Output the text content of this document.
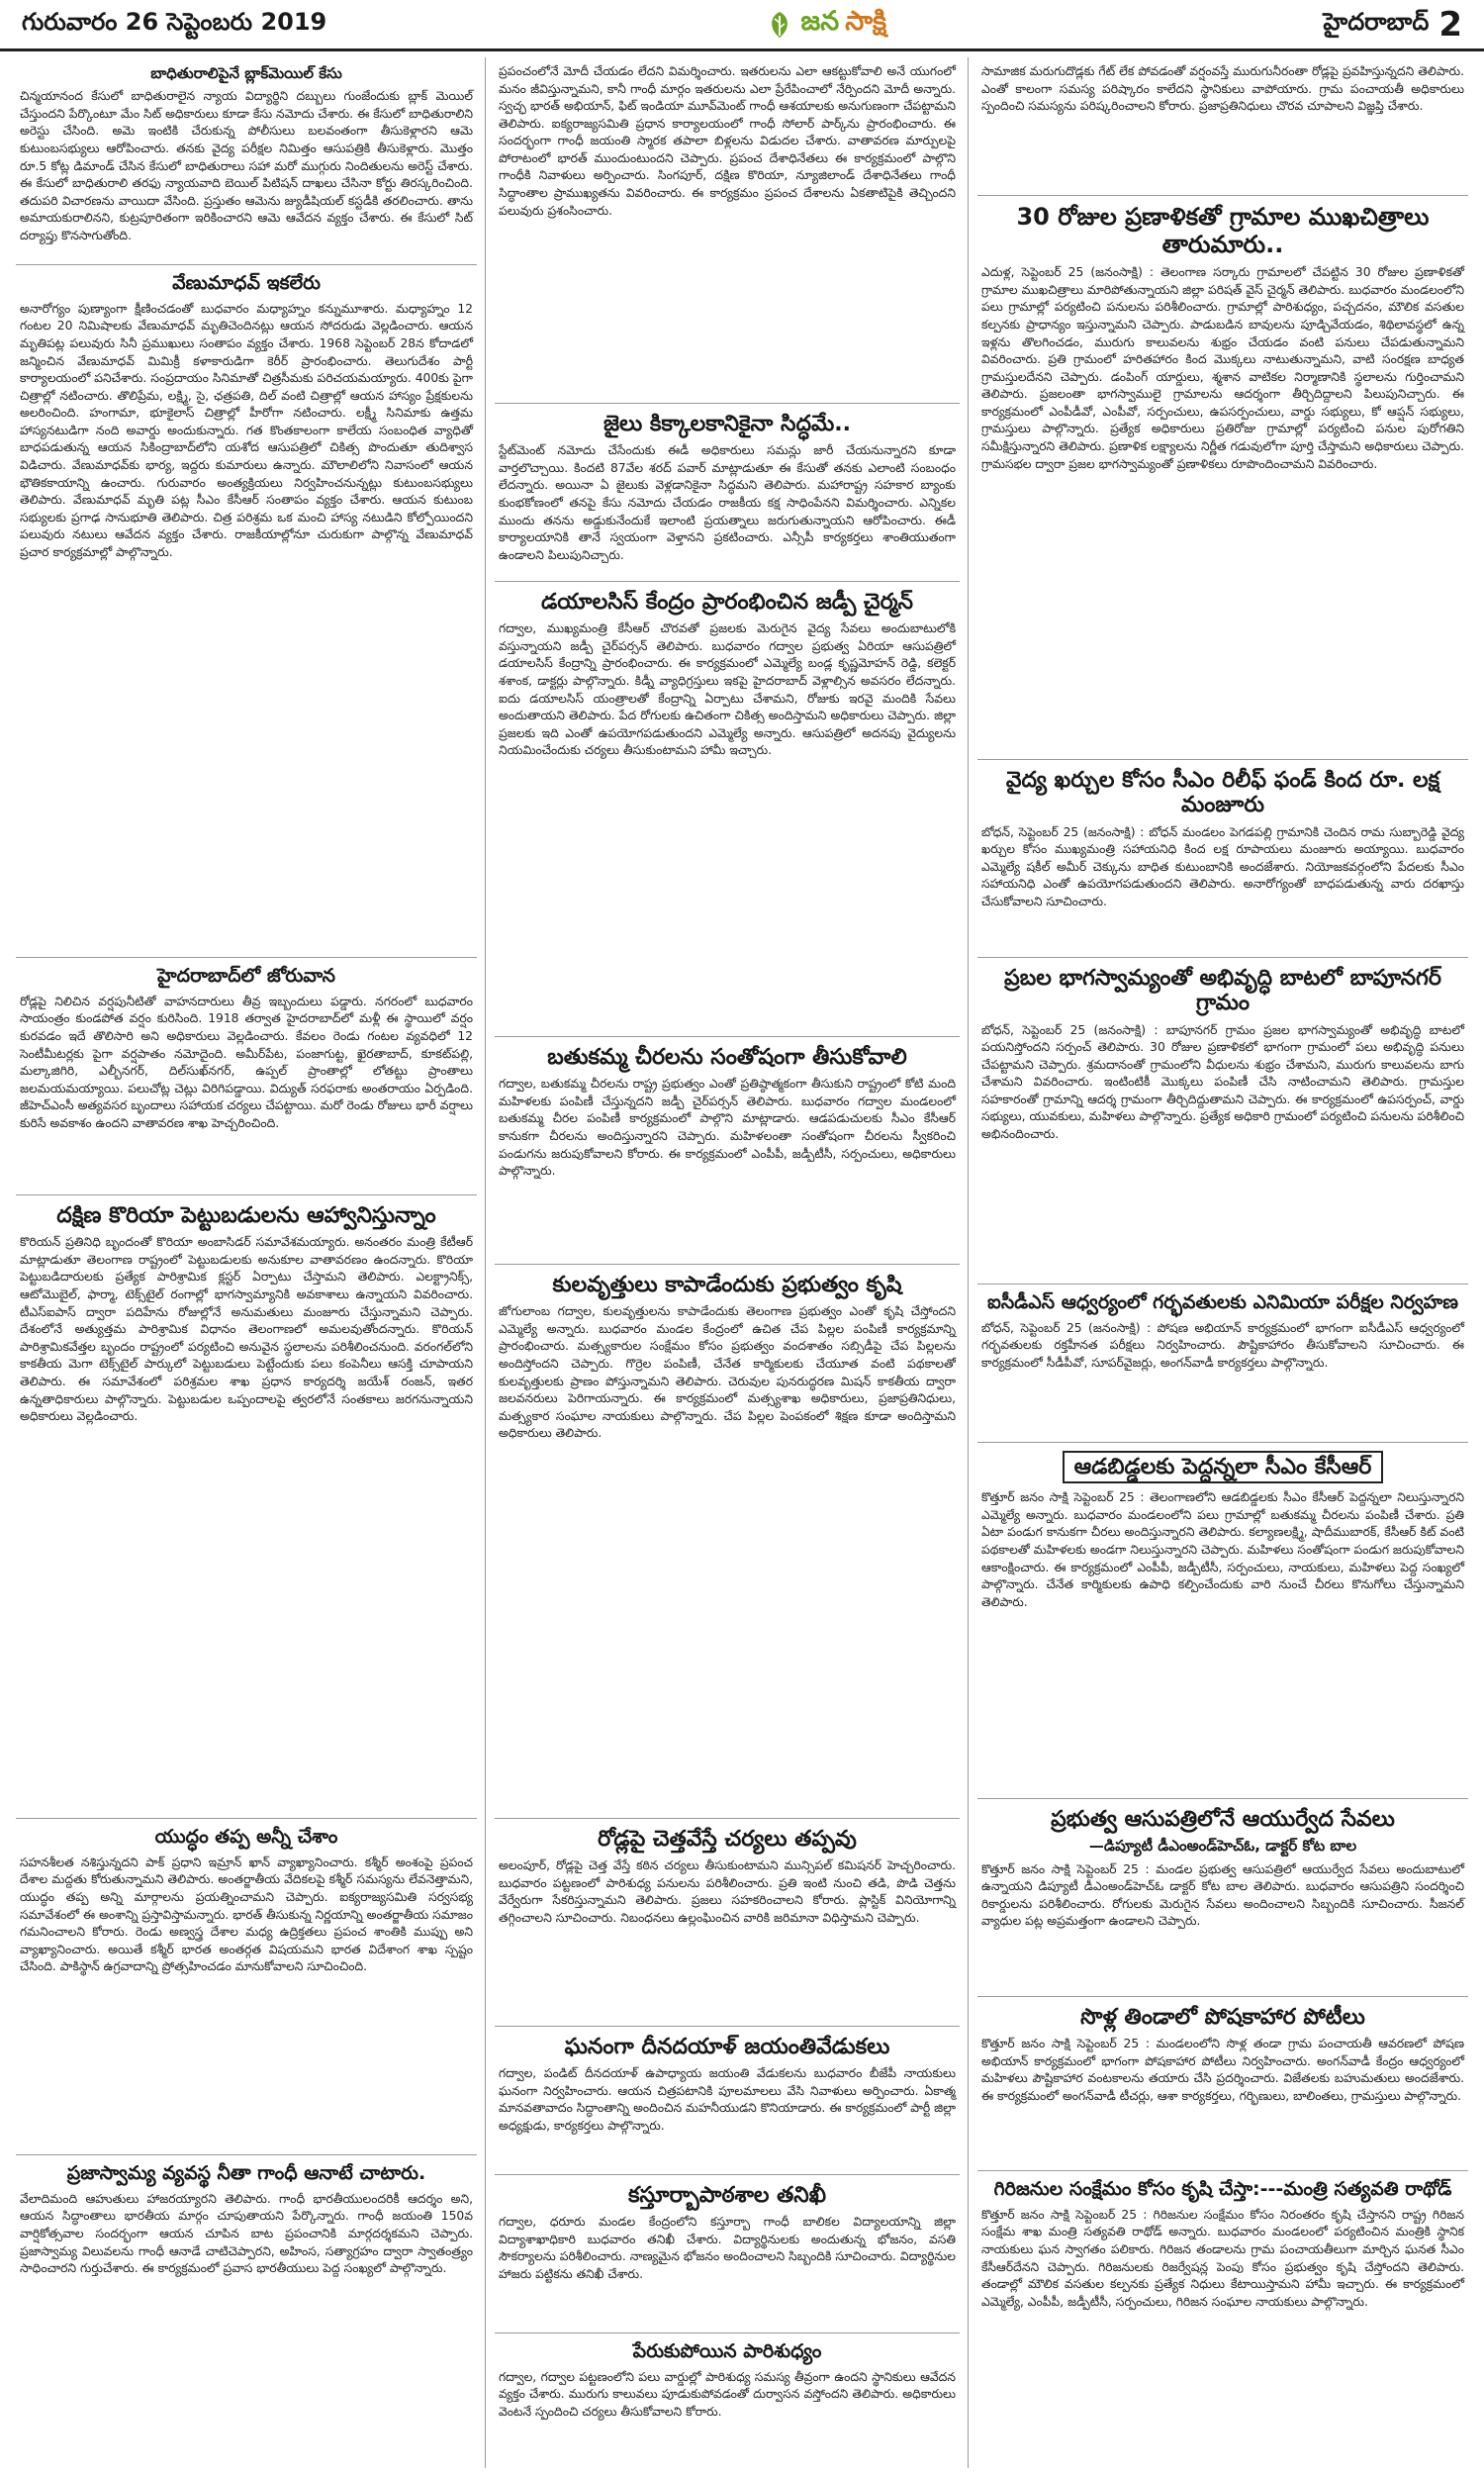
గురువారం 26 సెప్టెంబరు 2019	జన సాక్షి	హైదరాబాద్ 2
బాధితురాలిపైనే బ్లాక్‌మెయిల్ కేసు
చిన్మయానంద కేసులో బాధితురాలైన న్యాయ విద్యార్థిని దబ్బులు గుంజేందుకు బ్లాక్ మెయిల్ చేస్తుందని పేర్కొంటూ మేం సిట్ అధికారులు కూడా కేసు నమోదు చేశారు. ఈ కేసులో బాధితురాలిని అరెస్టు చేసింది. అమె ఇంటికి చేరుకున్న పోలీసులు బలవంతంగా తీసుకెళ్లారని ఆమె కుటుంబసభ్యులు ఆరోపించారు. తనకు వైద్య పరీక్షల నిమిత్తం ఆసుపత్రికి తీసుకెళ్లారు. మొత్తం రూ.5 కోట్ల డిమాండ్ చేసిన కేసులో బాధితురాలు సహా మరో ముగ్గురు నిందితులను అరెస్ట్ చేశారు. ఈ కేసులో బాధితురాలి తరఫు న్యాయవాది బెయిల్ పిటిషన్ దాఖలు చేసినా కోర్టు తిరస్కరించింది. తదుపరి విచారణను వాయిదా వేసింది. ప్రస్తుతం ఆమెను జ్యుడీషియల్ కస్టడీకి తరలించారు. తాను అమాయకురాలినని, కుట్రపూరితంగా ఇరికించారని ఆమె ఆవేదన వ్యక్తం చేశారు. ఈ కేసులో సిట్ దర్యాప్తు కొనసాగుతోంది.
వేణుమాధవ్ ఇకలేరు
అనారోగ్యం పుణ్యాంగా క్షీణించడంతో బుధవారం మధ్యాహ్నం కన్నుమూశారు. మధ్యాహ్నం 12 గంటల 20 నిమిషాలకు వేణుమాధవ్ మృతిచెందినట్లు ఆయన సోదరుడు వెల్లడించారు. ఆయన మృతిపట్ల పలువురు సినీ ప్రముఖులు సంతాపం వ్యక్తం చేశారు. 1968 సెప్టెంబర్ 28న కోదాడలో జన్మించిన వేణుమాధవ్ మిమిక్రీ కళాకారుడిగా కెరీర్ ప్రారంభించారు. తెలుగుదేశం పార్టీ కార్యాలయంలో పనిచేశారు. సంప్రదాయం సినిమాతో చిత్రసీమకు పరిచయమయ్యారు. 400కు పైగా చిత్రాల్లో నటించారు. తొలిప్రేమ, లక్ష్మి, సై, ఛత్రపతి, దిల్ వంటి చిత్రాల్లో ఆయన హాస్యం ప్రేక్షకులను అలరించింది. హంగామా, భూకైలాస్ చిత్రాల్లో హీరోగా నటించారు. లక్ష్మీ సినిమాకు ఉత్తమ హాస్యనటుడిగా నంది అవార్డు అందుకున్నారు. గత కొంతకాలంగా కాలేయ సంబంధిత వ్యాధితో బాధపడుతున్న ఆయన సికింద్రాబాద్‌లోని యశోద ఆసుపత్రిలో చికిత్స పొందుతూ తుదిశ్వాస విడిచారు. వేణుమాధవ్‌కు భార్య, ఇద్దరు కుమారులు ఉన్నారు. మౌలాలిలోని నివాసంలో ఆయన భౌతికకాయాన్ని ఉంచారు. గురువారం అంత్యక్రియలు నిర్వహించనున్నట్లు కుటుంబసభ్యులు తెలిపారు. వేణుమాధవ్ మృతి పట్ల సీఎం కేసీఆర్ సంతాపం వ్యక్తం చేశారు. ఆయన కుటుంబ సభ్యులకు ప్రగాఢ సానుభూతి తెలిపారు. చిత్ర పరిశ్రమ ఒక మంచి హాస్య నటుడిని కోల్పోయిందని పలువురు నటులు ఆవేదన వ్యక్తం చేశారు. రాజకీయాల్లోనూ చురుకుగా పాల్గొన్న వేణుమాధవ్ ప్రచార కార్యక్రమాల్లో పాల్గొన్నారు.
హైదరాబాద్‌లో జోరువాన
రోడ్లపై నిలిచిన వర్షపునీటితో వాహనదారులు తీవ్ర ఇబ్బందులు పడ్డారు. నగరంలో బుధవారం సాయంత్రం కుండపోత వర్షం కురిసింది. 1918 తర్వాత హైదరాబాద్‌లో మళ్లీ ఈ స్థాయిలో వర్షం కురవడం ఇదే తొలిసారి అని అధికారులు వెల్లడించారు. కేవలం రెండు గంటల వ్యవధిలో 12 సెంటీమీటర్లకు పైగా వర్షపాతం నమోదైంది. అమీర్‌పేట, పంజాగుట్ట, ఖైరతాబాద్, కూకట్‌పల్లి, మల్కాజిగిరి, ఎల్బీనగర్, దిల్‌సుఖ్‌నగర్, ఉప్పల్ ప్రాంతాల్లో లోతట్టు ప్రాంతాలు జలమయమయ్యాయి. పలుచోట్ల చెట్లు విరిగిపడ్డాయి. విద్యుత్ సరఫరాకు అంతరాయం ఏర్పడింది. జీహెచ్‌ఎంసీ అత్యవసర బృందాలు సహాయక చర్యలు చేపట్టాయి. మరో రెండు రోజులు భారీ వర్షాలు కురిసే అవకాశం ఉందని వాతావరణ శాఖ హెచ్చరించింది.
దక్షిణ కొరియా పెట్టుబడులను ఆహ్వానిస్తున్నాం
కొరియన్ ప్రతినిధి బృందంతో కొరియా అంబాసిడర్ సమావేశమయ్యారు. అనంతరం మంత్రి కేటీఆర్ మాట్లాడుతూ తెలంగాణ రాష్ట్రంలో పెట్టుబడులకు అనుకూల వాతావరణం ఉందన్నారు. కొరియా పెట్టుబడిదారులకు ప్రత్యేక పారిశ్రామిక క్లస్టర్ ఏర్పాటు చేస్తామని తెలిపారు. ఎలక్ట్రానిక్స్, ఆటోమొబైల్, ఫార్మా, టెక్స్‌టైల్ రంగాల్లో భాగస్వామ్యానికి అవకాశాలు ఉన్నాయని వివరించారు. టీఎస్‌ఐపాస్ ద్వారా పదిహేను రోజుల్లోనే అనుమతులు మంజూరు చేస్తున్నామని చెప్పారు. దేశంలోనే అత్యుత్తమ పారిశ్రామిక విధానం తెలంగాణలో అమలవుతోందన్నారు. కొరియన్ పారిశ్రామికవేత్తల బృందం రాష్ట్రంలో పర్యటించి అనువైన స్థలాలను పరిశీలించనుంది. వరంగల్‌లోని కాకతీయ మెగా టెక్స్‌టైల్ పార్కులో పెట్టుబడులు పెట్టేందుకు పలు కంపెనీలు ఆసక్తి చూపాయని తెలిపారు. ఈ సమావేశంలో పరిశ్రమల శాఖ ప్రధాన కార్యదర్శి జయేశ్ రంజన్, ఇతర ఉన్నతాధికారులు పాల్గొన్నారు. పెట్టుబడుల ఒప్పందాలపై త్వరలోనే సంతకాలు జరగనున్నాయని అధికారులు వెల్లడించారు.
యుద్ధం తప్ప అన్నీ చేశాం
సహనశీలత నశిస్తున్నదని పాక్ ప్రధాని ఇమ్రాన్ ఖాన్ వ్యాఖ్యానించారు. కశ్మీర్ అంశంపై ప్రపంచ దేశాల మద్దతు కోరుతున్నామని తెలిపారు. అంతర్జాతీయ వేదికలపై కశ్మీర్ సమస్యను లేవనెత్తామని, యుద్ధం తప్ప అన్ని మార్గాలను ప్రయత్నించామని చెప్పారు. ఐక్యరాజ్యసమితి సర్వసభ్య సమావేశంలో ఈ అంశాన్ని ప్రస్తావిస్తామన్నారు. భారత్ తీసుకున్న నిర్ణయాన్ని అంతర్జాతీయ సమాజం గమనించాలని కోరారు. రెండు అణ్వస్త్ర దేశాల మధ్య ఉద్రిక్తతలు ప్రపంచ శాంతికి ముప్పు అని వ్యాఖ్యానించారు. అయితే కశ్మీర్ భారత అంతర్గత విషయమని భారత విదేశాంగ శాఖ స్పష్టం చేసింది. పాకిస్థాన్ ఉగ్రవాదాన్ని ప్రోత్సహించడం మానుకోవాలని సూచించింది.
ప్రజాస్వామ్య వ్యవస్థ నీతా గాంధీ ఆనాటే చాటారు.
వేలాదిమంది ఆహుతులు హాజరయ్యారని తెలిపారు. గాంధీ భారతీయులందరికీ ఆదర్శం అని, ఆయన సిద్ధాంతాలు భారతీయ మార్గం చూపుతాయని పేర్కొన్నారు. గాంధీ జయంతి 150వ వార్షికోత్సవాల సందర్భంగా ఆయన చూపిన బాట ప్రపంచానికి మార్గదర్శకమని చెప్పారు. ప్రజాస్వామ్య విలువలను గాంధీ ఆనాడే చాటిచెప్పారని, అహింస, సత్యాగ్రహం ద్వారా స్వాతంత్ర్యం సాధించారని గుర్తుచేశారు. ఈ కార్యక్రమంలో ప్రవాస భారతీయులు పెద్ద సంఖ్యలో పాల్గొన్నారు.
ప్రపంచంలోనే మోదీ చేయడం లేదని విమర్శించారు. ఇతరులను ఎలా ఆకట్టుకోవాలి అనే యుగంలో మనం జీవిస్తున్నామని, కానీ గాంధీ మార్గం ఇతరులను ఎలా ప్రేరేపించాలో నేర్పిందని మోదీ అన్నారు. స్వచ్ఛ భారత్ అభియాన్, ఫిట్ ఇండియా మూవ్‌మెంట్ గాంధీ ఆశయాలకు అనుగుణంగా చేపట్టామని తెలిపారు. ఐక్యరాజ్యసమితి ప్రధాన కార్యాలయంలో గాంధీ సోలార్ పార్క్‌ను ప్రారంభించారు. ఈ సందర్భంగా గాంధీ జయంతి స్మారక తపాలా బిళ్లలను విడుదల చేశారు. వాతావరణ మార్పులపై పోరాటంలో భారత్ ముందుంటుందని చెప్పారు. ప్రపంచ దేశాధినేతలు ఈ కార్యక్రమంలో పాల్గొని గాంధీకి నివాళులు అర్పించారు. సింగపూర్, దక్షిణ కొరియా, న్యూజిలాండ్ దేశాధినేతలు గాంధీ సిద్ధాంతాల ప్రాముఖ్యతను వివరించారు. ఈ కార్యక్రమం ప్రపంచ దేశాలను ఏకతాటిపైకి తెచ్చిందని పలువురు ప్రశంసించారు.
జైలు కిక్కాలకానికైనా సిద్ధమే..
స్టేట్‌మెంట్ నమోదు చేసేందుకు ఈడీ అధికారులు సమన్లు జారీ చేయనున్నారని కూడా వార్తలొచ్చాయి. కిందటి 87వేల శరద్ పవార్ మాట్లాడుతూ ఈ కేసుతో తనకు ఎలాంటి సంబంధం లేదన్నారు. అయినా ఏ జైలుకు వెళ్లడానికైనా సిద్ధమని తెలిపారు. మహారాష్ట్ర సహకార బ్యాంకు కుంభకోణంలో తనపై కేసు నమోదు చేయడం రాజకీయ కక్ష సాధింపేనని విమర్శించారు. ఎన్నికల ముందు తనను అడ్డుకునేందుకే ఇలాంటి ప్రయత్నాలు జరుగుతున్నాయని ఆరోపించారు. ఈడీ కార్యాలయానికి తానే స్వయంగా వెళ్తానని ప్రకటించారు. ఎన్సీపీ కార్యకర్తలు శాంతియుతంగా ఉండాలని పిలుపునిచ్చారు.
డయాలసిస్ కేంద్రం ప్రారంభించిన జడ్పీ చైర్మన్
గద్వాల, ముఖ్యమంత్రి కేసీఆర్ చొరవతో ప్రజలకు మెరుగైన వైద్య సేవలు అందుబాటులోకి వస్తున్నాయని జడ్పీ చైర్‌పర్సన్ తెలిపారు. బుధవారం గద్వాల ప్రభుత్వ ఏరియా ఆసుపత్రిలో డయాలసిస్ కేంద్రాన్ని ప్రారంభించారు. ఈ కార్యక్రమంలో ఎమ్మెల్యే బండ్ల కృష్ణమోహన్ రెడ్డి, కలెక్టర్ శశాంక, డాక్టర్లు పాల్గొన్నారు. కిడ్నీ వ్యాధిగ్రస్తులు ఇకపై హైదరాబాద్ వెళ్లాల్సిన అవసరం లేదన్నారు. ఐదు డయాలసిస్ యంత్రాలతో కేంద్రాన్ని ఏర్పాటు చేశామని, రోజుకు ఇరవై మందికి సేవలు అందుతాయని తెలిపారు. పేద రోగులకు ఉచితంగా చికిత్స అందిస్తామని అధికారులు చెప్పారు. జిల్లా ప్రజలకు ఇది ఎంతో ఉపయోగపడుతుందని ఎమ్మెల్యే అన్నారు. ఆసుపత్రిలో అదనపు వైద్యులను నియమించేందుకు చర్యలు తీసుకుంటామని హామీ ఇచ్చారు.
బతుకమ్మ చీరలను సంతోషంగా తీసుకోవాలి
గద్వాల, బతుకమ్మ చీరలను రాష్ట్ర ప్రభుత్వం ఎంతో ప్రతిష్ఠాత్మకంగా తీసుకుని రాష్ట్రంలో కోటి మంది మహిళలకు పంపిణీ చేస్తున్నదని జడ్పీ చైర్‌పర్సన్ తెలిపారు. బుధవారం గద్వాల మండలంలో బతుకమ్మ చీరల పంపిణీ కార్యక్రమంలో పాల్గొని మాట్లాడారు. ఆడపడుచులకు సీఎం కేసీఆర్ కానుకగా చీరలను అందిస్తున్నారని చెప్పారు. మహిళలంతా సంతోషంగా చీరలను స్వీకరించి పండుగను జరుపుకోవాలని కోరారు. ఈ కార్యక్రమంలో ఎంపీపీ, జడ్పీటీసీ, సర్పంచులు, అధికారులు పాల్గొన్నారు.
కులవృత్తులు కాపాడేందుకు ప్రభుత్వం కృషి
జోగులాంబ గద్వాల, కులవృత్తులను కాపాడేందుకు తెలంగాణ ప్రభుత్వం ఎంతో కృషి చేస్తోందని ఎమ్మెల్యే అన్నారు. బుధవారం మండల కేంద్రంలో ఉచిత చేప పిల్లల పంపిణీ కార్యక్రమాన్ని ప్రారంభించారు. మత్స్యకారుల సంక్షేమం కోసం ప్రభుత్వం వందశాతం సబ్సిడీపై చేప పిల్లలను అందిస్తోందని చెప్పారు. గొర్రెల పంపిణీ, చేనేత కార్మికులకు చేయూత వంటి పథకాలతో కులవృత్తులకు ప్రాణం పోస్తున్నామని తెలిపారు. చెరువుల పునరుద్ధరణ మిషన్ కాకతీయ ద్వారా జలవనరులు పెరిగాయన్నారు. ఈ కార్యక్రమంలో మత్స్యశాఖ అధికారులు, ప్రజాప్రతినిధులు, మత్స్యకార సంఘాల నాయకులు పాల్గొన్నారు. చేప పిల్లల పెంపకంలో శిక్షణ కూడా అందిస్తామని అధికారులు తెలిపారు.
రోడ్లపై చెత్తవేస్తే చర్యలు తప్పవు
అలంపూర్, రోడ్లపై చెత్త వేస్తే కఠిన చర్యలు తీసుకుంటామని మున్సిపల్ కమిషనర్ హెచ్చరించారు. బుధవారం పట్టణంలో పారిశుధ్య పనులను పరిశీలించారు. ప్రతి ఇంటి నుంచి తడి, పొడి చెత్తను వేర్వేరుగా సేకరిస్తున్నామని తెలిపారు. ప్రజలు సహకరించాలని కోరారు. ప్లాస్టిక్ వినియోగాన్ని తగ్గించాలని సూచించారు. నిబంధనలు ఉల్లంఘించిన వారికి జరిమానా విధిస్తామని చెప్పారు.
ఘనంగా దీనదయాళ్ జయంతివేడుకలు
గద్వాల, పండిట్ దీనదయాళ్ ఉపాధ్యాయ జయంతి వేడుకలను బుధవారం బీజేపీ నాయకులు ఘనంగా నిర్వహించారు. ఆయన చిత్రపటానికి పూలమాలలు వేసి నివాళులు అర్పించారు. ఏకాత్మ మానవతావాదం సిద్ధాంతాన్ని అందించిన మహనీయుడని కొనియాడారు. ఈ కార్యక్రమంలో పార్టీ జిల్లా అధ్యక్షుడు, కార్యకర్తలు పాల్గొన్నారు.
కస్తూర్బాపాఠశాల తనిఖీ
గద్వాల, ధరూరు మండల కేంద్రంలోని కస్తూర్బా గాంధీ బాలికల విద్యాలయాన్ని జిల్లా విద్యాశాఖాధికారి బుధవారం తనిఖీ చేశారు. విద్యార్థినులకు అందుతున్న భోజనం, వసతి సౌకర్యాలను పరిశీలించారు. నాణ్యమైన భోజనం అందించాలని సిబ్బందికి సూచించారు. విద్యార్థినుల హాజరు పట్టికను తనిఖీ చేశారు.
పేరుకుపోయిన పారిశుధ్యం
గద్వాల, గద్వాల పట్టణంలోని పలు వార్డుల్లో పారిశుధ్య సమస్య తీవ్రంగా ఉందని స్థానికులు ఆవేదన వ్యక్తం చేశారు. మురుగు కాలువలు పూడుకుపోవడంతో దుర్వాసన వస్తోందని తెలిపారు. అధికారులు వెంటనే స్పందించి చర్యలు తీసుకోవాలని కోరారు.
సామాజిక మరుగుదొడ్లకు గేట్ లేక పోవడంతో వర్షంవస్తే మురుగునీరంతా రోడ్లపై ప్రవహిస్తున్నదని తెలిపారు. ఎంతో కాలంగా సమస్య పరిష్కారం కాలేదని స్థానికులు వాపోయారు. గ్రామ పంచాయతీ అధికారులు స్పందించి సమస్యను పరిష్కరించాలని కోరారు. ప్రజాప్రతినిధులు చొరవ చూపాలని విజ్ఞప్తి చేశారు.
30 రోజుల ప్రణాళికతో గ్రామాల ముఖచిత్రాలు తారుమారు..
ఎదుళ్ల, సెప్టెంబర్ 25 (జనంసాక్షి) : తెలంగాణ సర్కారు గ్రామాలలో చేపట్టిన 30 రోజుల ప్రణాళికతో గ్రామాల ముఖచిత్రాలు మారిపోతున్నాయని జిల్లా పరిషత్ వైస్ చైర్మన్ తెలిపారు. బుధవారం మండలంలోని పలు గ్రామాల్లో పర్యటించి పనులను పరిశీలించారు. గ్రామాల్లో పారిశుధ్యం, పచ్చదనం, మౌలిక వసతుల కల్పనకు ప్రాధాన్యం ఇస్తున్నామని చెప్పారు. పాడుబడిన బావులను పూడ్చివేయడం, శిథిలావస్థలో ఉన్న ఇళ్లను తొలగించడం, మురుగు కాలువలను శుభ్రం చేయడం వంటి పనులు చేపడుతున్నామని వివరించారు. ప్రతి గ్రామంలో హరితహారం కింద మొక్కలు నాటుతున్నామని, వాటి సంరక్షణ బాధ్యత గ్రామస్తులదేనని చెప్పారు. డంపింగ్ యార్డులు, శ్మశాన వాటికల నిర్మాణానికి స్థలాలను గుర్తించామని తెలిపారు. ప్రజలంతా భాగస్వాములై గ్రామాలను ఆదర్శంగా తీర్చిదిద్దాలని పిలుపునిచ్చారు. ఈ కార్యక్రమంలో ఎంపీడీవో, ఎంపీవో, సర్పంచులు, ఉపసర్పంచులు, వార్డు సభ్యులు, కో ఆప్షన్ సభ్యులు, గ్రామస్తులు పాల్గొన్నారు. ప్రత్యేక అధికారులు ప్రతిరోజు గ్రామాల్లో పర్యటించి పనుల పురోగతిని సమీక్షిస్తున్నారని తెలిపారు. ప్రణాళిక లక్ష్యాలను నిర్ణీత గడువులోగా పూర్తి చేస్తామని అధికారులు చెప్పారు. గ్రామసభల ద్వారా ప్రజల భాగస్వామ్యంతో ప్రణాళికలు రూపొందించామని వివరించారు.
వైద్య ఖర్చుల కోసం సీఎం రిలీఫ్ ఫండ్ కింద రూ. లక్ష మంజూరు
బోధన్, సెప్టెంబర్ 25 (జనంసాక్షి) : బోధన్ మండలం పెగడపల్లి గ్రామానికి చెందిన రామ సుబ్బారెడ్డి వైద్య ఖర్చుల కోసం ముఖ్యమంత్రి సహాయనిధి కింద లక్ష రూపాయలు మంజూరు అయ్యాయి. బుధవారం ఎమ్మెల్యే షకీల్ అమీర్ చెక్కును బాధిత కుటుంబానికి అందజేశారు. నియోజకవర్గంలోని పేదలకు సీఎం సహాయనిధి ఎంతో ఉపయోగపడుతుందని తెలిపారు. అనారోగ్యంతో బాధపడుతున్న వారు దరఖాస్తు చేసుకోవాలని సూచించారు.
ప్రబల భాగస్వామ్యంతో అభివృద్ధి బాటలో బాపూనగర్ గ్రామం
బోధన్, సెప్టెంబర్ 25 (జనంసాక్షి) : బాపూనగర్ గ్రామం ప్రజల భాగస్వామ్యంతో అభివృద్ధి బాటలో పయనిస్తోందని సర్పంచ్ తెలిపారు. 30 రోజుల ప్రణాళికలో భాగంగా గ్రామంలో పలు అభివృద్ధి పనులు చేపట్టామని చెప్పారు. శ్రమదానంతో గ్రామంలోని వీధులను శుభ్రం చేశామని, మురుగు కాలువలను బాగు చేశామని వివరించారు. ఇంటింటికీ మొక్కలు పంపిణీ చేసి నాటించామని తెలిపారు. గ్రామస్తుల సహకారంతో గ్రామాన్ని ఆదర్శ గ్రామంగా తీర్చిదిద్దుతామని చెప్పారు. ఈ కార్యక్రమంలో ఉపసర్పంచ్, వార్డు సభ్యులు, యువకులు, మహిళలు పాల్గొన్నారు. ప్రత్యేక అధికారి గ్రామంలో పర్యటించి పనులను పరిశీలించి అభినందించారు.
ఐసీడీఎస్ ఆధ్వర్యంలో గర్భవతులకు ఎనిమియా పరీక్షల నిర్వహణ
బోధన్, సెప్టెంబర్ 25 (జనంసాక్షి) : పోషణ అభియాన్ కార్యక్రమంలో భాగంగా ఐసీడీఎస్ ఆధ్వర్యంలో గర్భవతులకు రక్తహీనత పరీక్షలు నిర్వహించారు. పౌష్టికాహారం తీసుకోవాలని సూచించారు. ఈ కార్యక్రమంలో సీడీపీవో, సూపర్‌వైజర్లు, అంగన్‌వాడీ కార్యకర్తలు పాల్గొన్నారు.
ఆడబిడ్డలకు పెద్దన్నలా సీఎం కేసీఆర్
కొత్తూర్ జనం సాక్షి సెప్టెంబర్ 25 : తెలంగాణలోని ఆడబిడ్డలకు సీఎం కేసీఆర్ పెద్దన్నలా నిలుస్తున్నారని ఎమ్మెల్యే అన్నారు. బుధవారం మండలంలోని పలు గ్రామాల్లో బతుకమ్మ చీరలను పంపిణీ చేశారు. ప్రతి ఏటా పండుగ కానుకగా చీరలు అందిస్తున్నారని తెలిపారు. కల్యాణలక్ష్మి, షాదీముబారక్, కేసీఆర్ కిట్ వంటి పథకాలతో మహిళలకు అండగా నిలుస్తున్నారని చెప్పారు. మహిళలు సంతోషంగా పండుగ జరుపుకోవాలని ఆకాంక్షించారు. ఈ కార్యక్రమంలో ఎంపీపీ, జడ్పీటీసీ, సర్పంచులు, నాయకులు, మహిళలు పెద్ద సంఖ్యలో పాల్గొన్నారు. చేనేత కార్మికులకు ఉపాధి కల్పించేందుకు వారి నుంచే చీరలు కొనుగోలు చేస్తున్నామని తెలిపారు.
ప్రభుత్వ ఆసుపత్రిలోనే ఆయుర్వేద సేవలు
—డిప్యూటీ డీఎంఅండ్‌హెచ్‌ఓ, డాక్టర్ కోట బాల
కొత్తూర్ జనం సాక్షి సెప్టెంబర్ 25 : మండల ప్రభుత్వ ఆసుపత్రిలో ఆయుర్వేద సేవలు అందుబాటులో ఉన్నాయని డిప్యూటీ డీఎంఅండ్‌హెచ్‌ఓ డాక్టర్ కోట బాల తెలిపారు. బుధవారం ఆసుపత్రిని సందర్శించి రికార్డులను పరిశీలించారు. రోగులకు మెరుగైన సేవలు అందించాలని సిబ్బందికి సూచించారు. సీజనల్ వ్యాధుల పట్ల అప్రమత్తంగా ఉండాలని చెప్పారు.
సొళ్ల తిండాలో పోషకాహార పోటీలు
కొత్తూర్ జనం సాక్షి సెప్టెంబర్ 25 : మండలంలోని సొళ్ల తండా గ్రామ పంచాయతీ ఆవరణలో పోషణ అభియాన్ కార్యక్రమంలో భాగంగా పోషకాహార పోటీలు నిర్వహించారు. అంగన్‌వాడీ కేంద్రం ఆధ్వర్యంలో మహిళలు పౌష్టికాహార వంటకాలను తయారు చేసి ప్రదర్శించారు. విజేతలకు బహుమతులు అందజేశారు. ఈ కార్యక్రమంలో అంగన్‌వాడీ టీచర్లు, ఆశా కార్యకర్తలు, గర్భిణులు, బాలింతలు, గ్రామస్తులు పాల్గొన్నారు.
గిరిజనుల సంక్షేమం కోసం కృషి చేస్తా:---మంత్రి సత్యవతి రాథోడ్
కొత్తూర్ జనం సాక్షి సెప్టెంబర్ 25 : గిరిజనుల సంక్షేమం కోసం నిరంతరం కృషి చేస్తానని రాష్ట్ర గిరిజన సంక్షేమ శాఖ మంత్రి సత్యవతి రాథోడ్ అన్నారు. బుధవారం మండలంలో పర్యటించిన మంత్రికి స్థానిక నాయకులు ఘన స్వాగతం పలికారు. గిరిజన తండాలను గ్రామ పంచాయతీలుగా మార్చిన ఘనత సీఎం కేసీఆర్‌దేనని చెప్పారు. గిరిజనులకు రిజర్వేషన్ల పెంపు కోసం ప్రభుత్వం కృషి చేస్తోందని తెలిపారు. తండాల్లో మౌలిక వసతుల కల్పనకు ప్రత్యేక నిధులు కేటాయిస్తామని హామీ ఇచ్చారు. ఈ కార్యక్రమంలో ఎమ్మెల్యే, ఎంపీపీ, జడ్పీటీసీ, సర్పంచులు, గిరిజన సంఘాల నాయకులు పాల్గొన్నారు.
